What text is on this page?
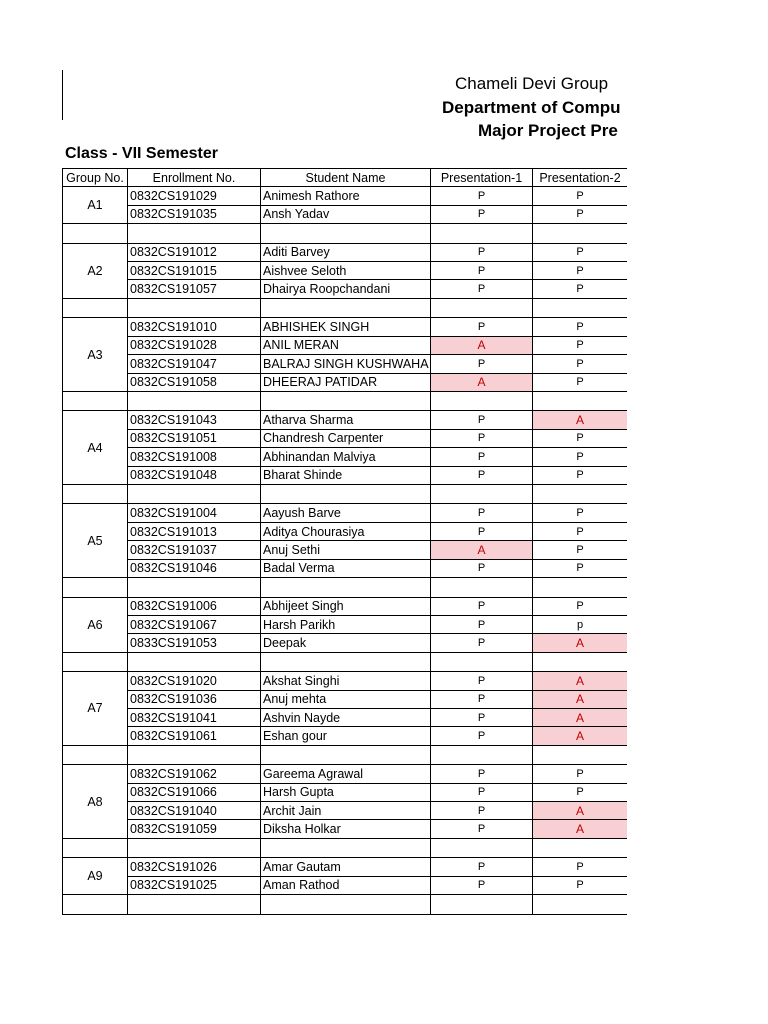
Chameli Devi Group
Department of Compu
Major Project Pre
Class - VII Semester
Group No.	Enrollment No.	Student Name	Presentation-1	Presentation-2
A1	0832CS191029	Animesh Rathore	P	P
	0832CS191035	Ansh Yadav	P	P

A2	0832CS191012	Aditi Barvey	P	P
	0832CS191015	Aishvee Seloth	P	P
	0832CS191057	Dhairya Roopchandani	P	P

A3	0832CS191010	ABHISHEK SINGH	P	P
	0832CS191028	ANIL MERAN	A	P
	0832CS191047	BALRAJ SINGH KUSHWAHA	P	P
	0832CS191058	DHEERAJ PATIDAR	A	P

A4	0832CS191043	Atharva Sharma	P	A
	0832CS191051	Chandresh Carpenter	P	P
	0832CS191008	Abhinandan Malviya	P	P
	0832CS191048	Bharat Shinde	P	P

A5	0832CS191004	Aayush Barve	P	P
	0832CS191013	Aditya Chourasiya	P	P
	0832CS191037	Anuj Sethi	A	P
	0832CS191046	Badal Verma	P	P

A6	0832CS191006	Abhijeet Singh	P	P
	0832CS191067	Harsh Parikh	P	p
	0833CS191053	Deepak	P	A

A7	0832CS191020	Akshat Singhi	P	A
	0832CS191036	Anuj mehta	P	A
	0832CS191041	Ashvin Nayde	P	A
	0832CS191061	Eshan gour	P	A

A8	0832CS191062	Gareema Agrawal	P	P
	0832CS191066	Harsh Gupta	P	P
	0832CS191040	Archit Jain	P	A
	0832CS191059	Diksha Holkar	P	A

A9	0832CS191026	Amar Gautam	P	P
	0832CS191025	Aman Rathod	P	P
